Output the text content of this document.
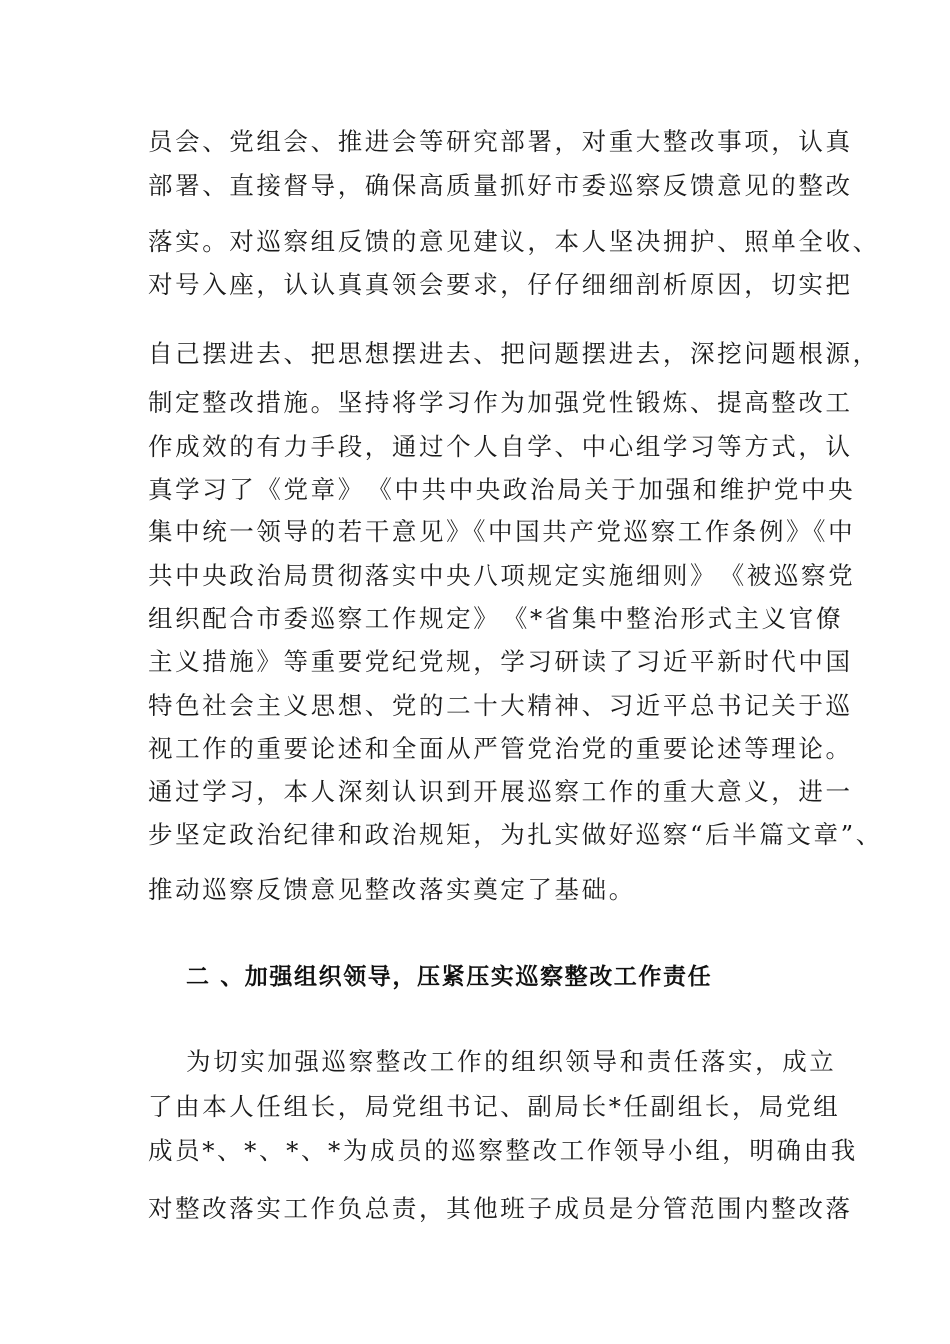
员会、党组会、推进会等研究部署，对重大整改事项，认真
部署、直接督导，确保高质量抓好市委巡察反馈意见的整改
落实。对巡察组反馈的意见建议，本人坚决拥护、照单全收、
对号入座，认认真真领会要求，仔仔细细剖析原因，切实把
自己摆进去、把思想摆进去、把问题摆进去，深挖问题根源，
制定整改措施。坚持将学习作为加强党性锻炼、提高整改工
作成效的有力手段，通过个人自学、中心组学习等方式，认
真学习了《党章》　《中共中央政治局关于加强和维护党中央
集中统一领导的若干意见》《中国共产党巡察工作条例》《中
共中央政治局贯彻落实中央八项规定实施细则》　《被巡察党
组织配合市委巡察工作规定》　《*省集中整治形式主义官僚
主义措施》等重要党纪党规，学习研读了习近平新时代中国
特色社会主义思想、党的二十大精神、习近平总书记关于巡
视工作的重要论述和全面从严管党治党的重要论述等理论。
通过学习，本人深刻认识到开展巡察工作的重大意义，进一
步坚定政治纪律和政治规矩，为扎实做好巡察“后半篇文章”、
推动巡察反馈意见整改落实奠定了基础。
二 、加强组织领导，压紧压实巡察整改工作责任
为切实加强巡察整改工作的组织领导和责任落实，成立
了由本人任组长，局党组书记、副局长*任副组长，局党组
成员*、*、*、*为成员的巡察整改工作领导小组，明确由我
对整改落实工作负总责，其他班子成员是分管范围内整改落
